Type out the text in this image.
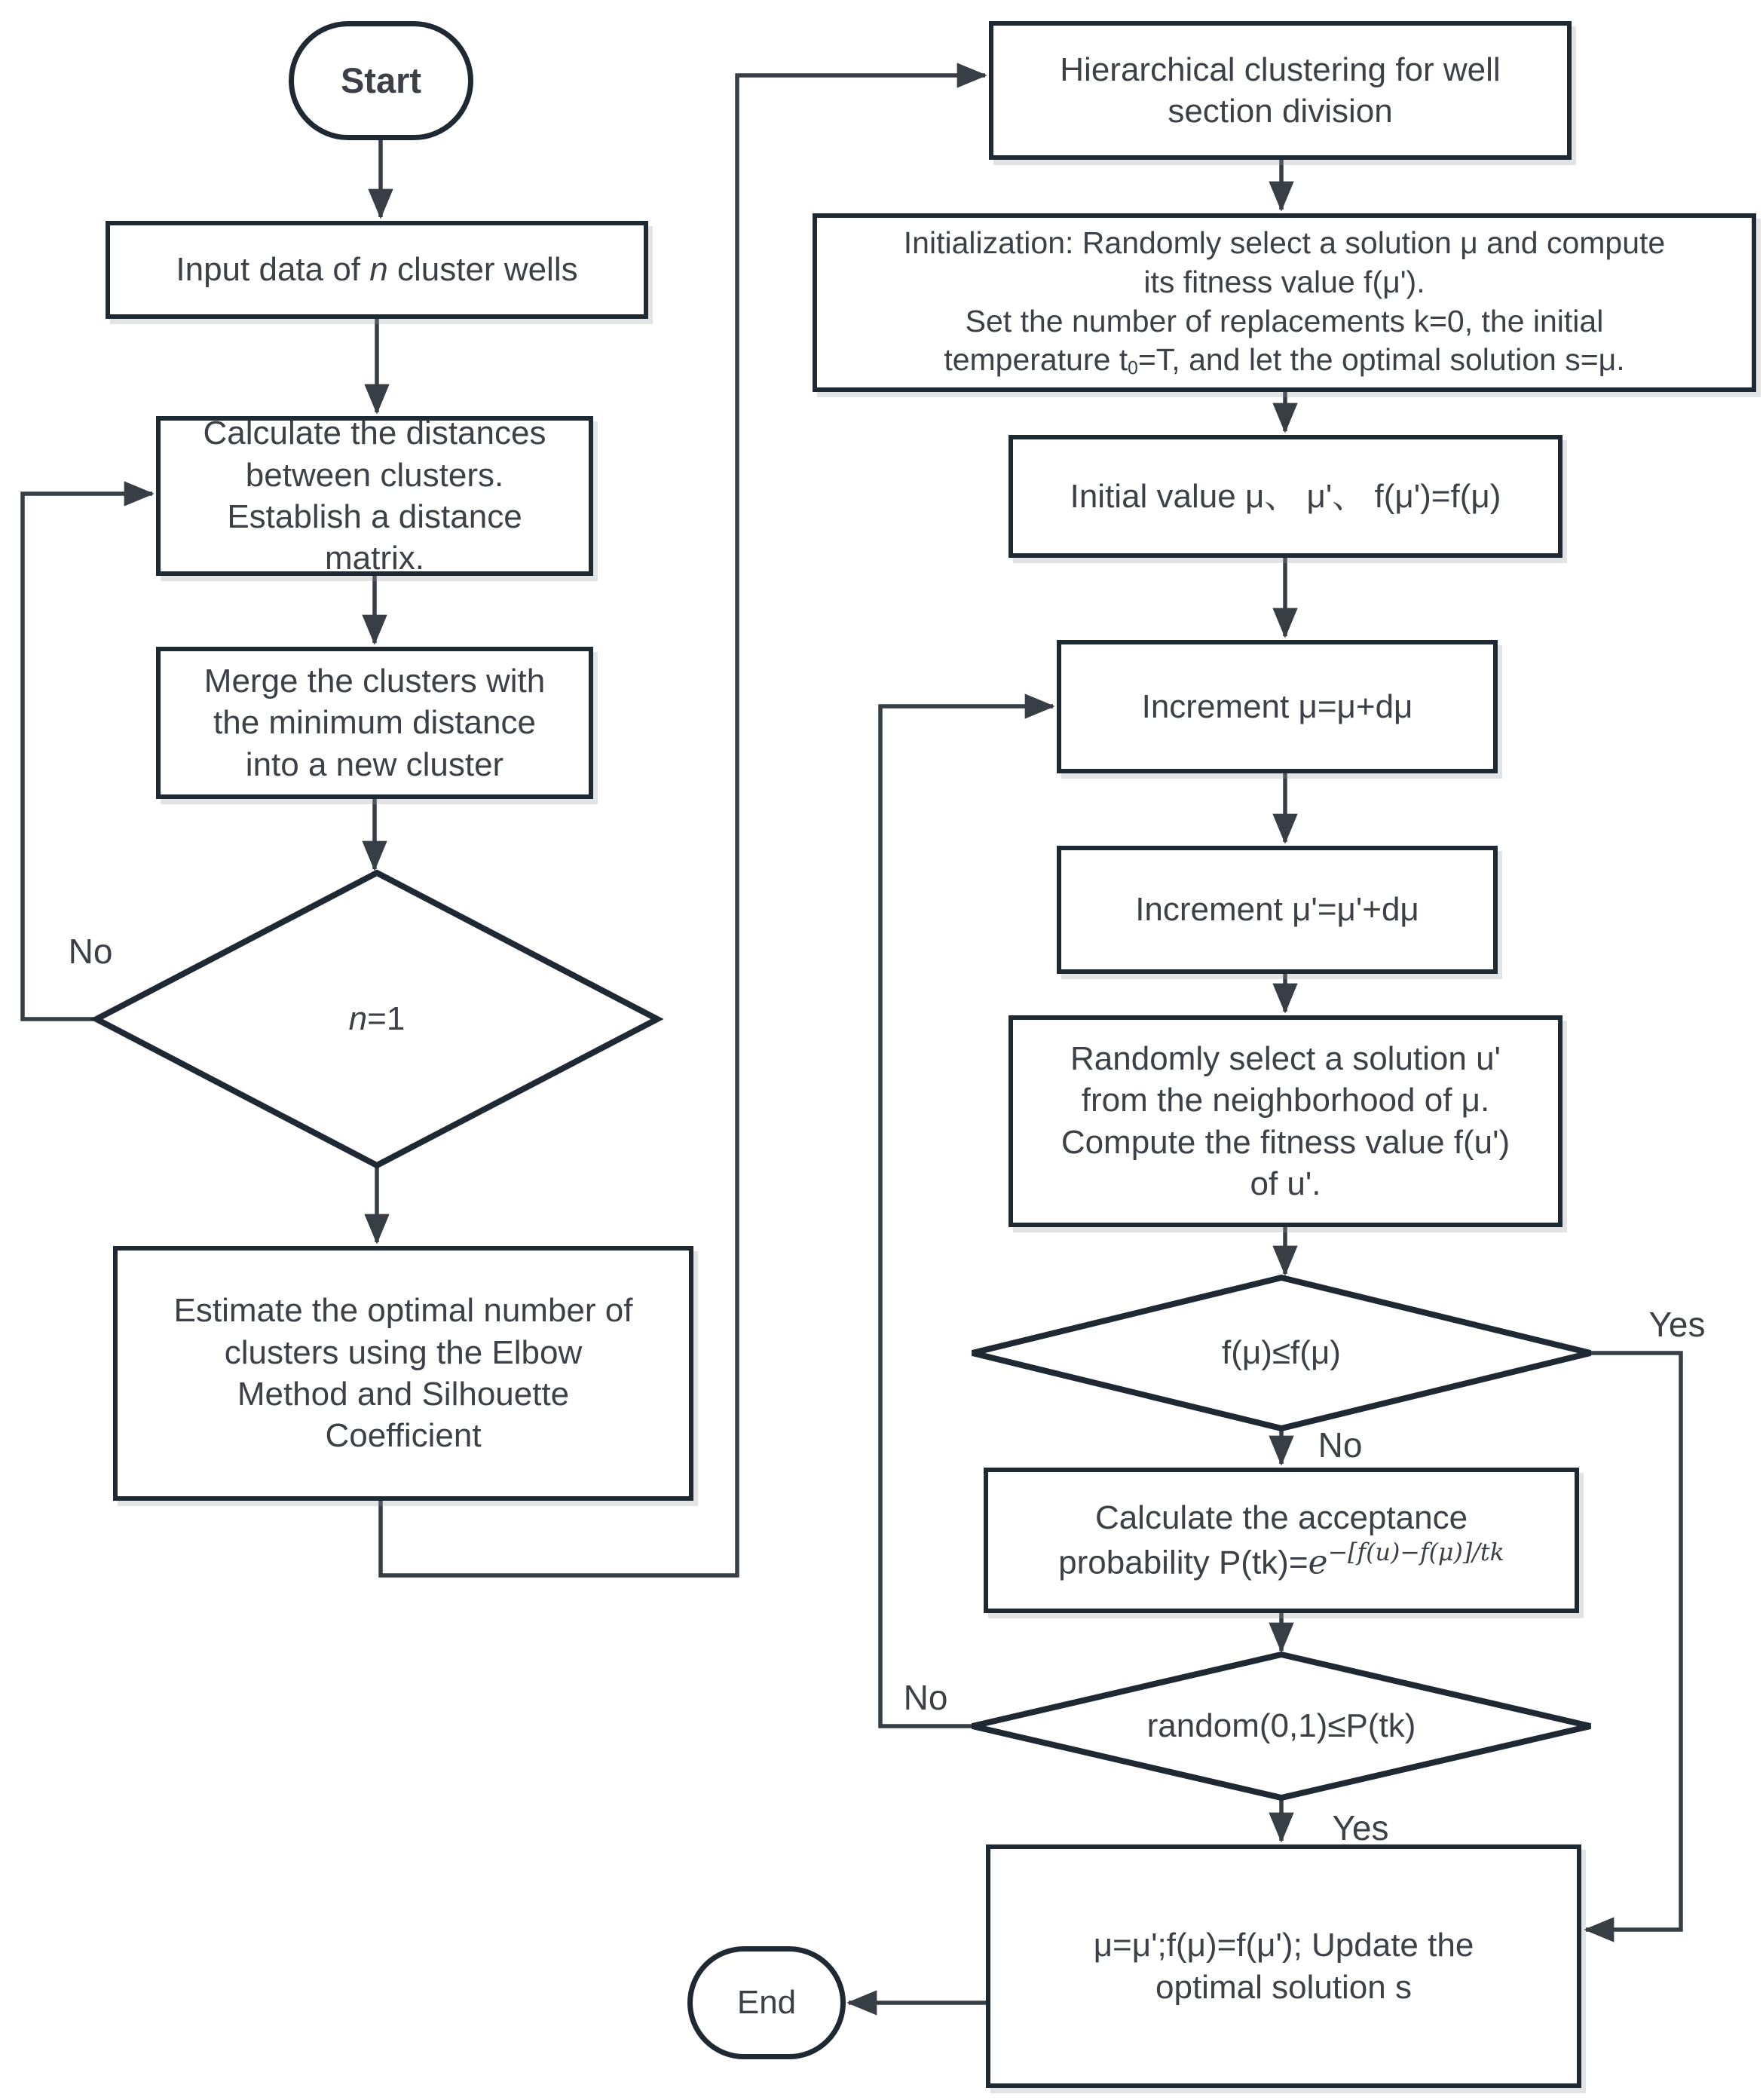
Start
Input data of n cluster wells
Calculate the distances
between clusters.
Establish a distance
matrix.
Merge the clusters with
the minimum distance
into a new cluster
n=1
Estimate the optimal number of
clusters using the Elbow
Method and Silhouette
Coefficient
Hierarchical clustering for well
section division
Initialization: Randomly select a solution μ and compute
its fitness value f(μ').
Set the number of replacements k=0, the initial
temperature t0=T, and let the optimal solution s=μ.
Initial value μ、 μ'、 f(μ')=f(μ)
Increment μ=μ+dμ
Increment μ'=μ'+dμ
Randomly select a solution u'
from the neighborhood of μ.
Compute the fitness value f(u')
of u'.
f(μ)≤f(μ)
Calculate the acceptance
probability $P(tk)=e^{-[f(u)-f(\mu)]/tk}$
random(0,1)≤P(tk)
μ=μ';f(μ)=f(μ'); Update the
optimal solution s
End
No
Yes
No
No
Yes
